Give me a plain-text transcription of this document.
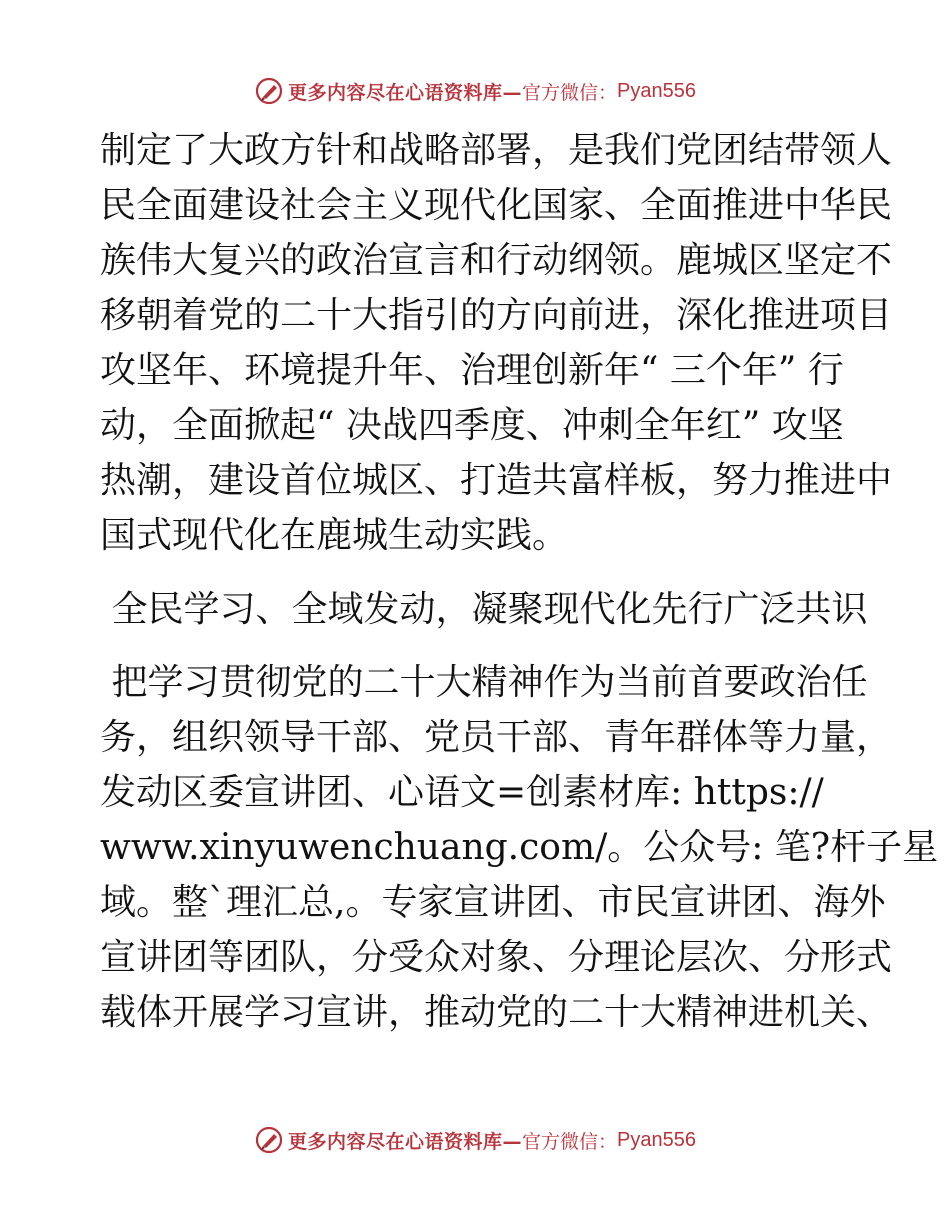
更多内容尽在心语资料库— 官方微信： Pyan556
制定了大政方针和战略部署，是我们党团结带领人
民全面建设社会主义现代化国家、全面推进中华民
族伟大复兴的政治宣言和行动纲领。鹿城区坚定不
移朝着党的二十大指引的方向前进，深化推进项目
攻坚年、环境提升年、治理创新年“ 三个年” 行
动，全面掀起“ 决战四季度、冲刺全年红” 攻坚
热潮，建设首位城区、打造共富样板，努力推进中
国式现代化在鹿城生动实践。
全民学习、全域发动，凝聚现代化先行广泛共识
把学习贯彻党的二十大精神作为当前首要政治任
务，组织领导干部、党员干部、青年群体等力量，
发动区委宣讲团、心语文=创素材库: https://
www.xinyuwenchuang.com/。公众号: 笔?杆子星
域。整`理汇总,。专家宣讲团、市民宣讲团、海外
宣讲团等团队，分受众对象、分理论层次、分形式
载体开展学习宣讲，推动党的二十大精神进机关、
更多内容尽在心语资料库— 官方微信： Pyan556
